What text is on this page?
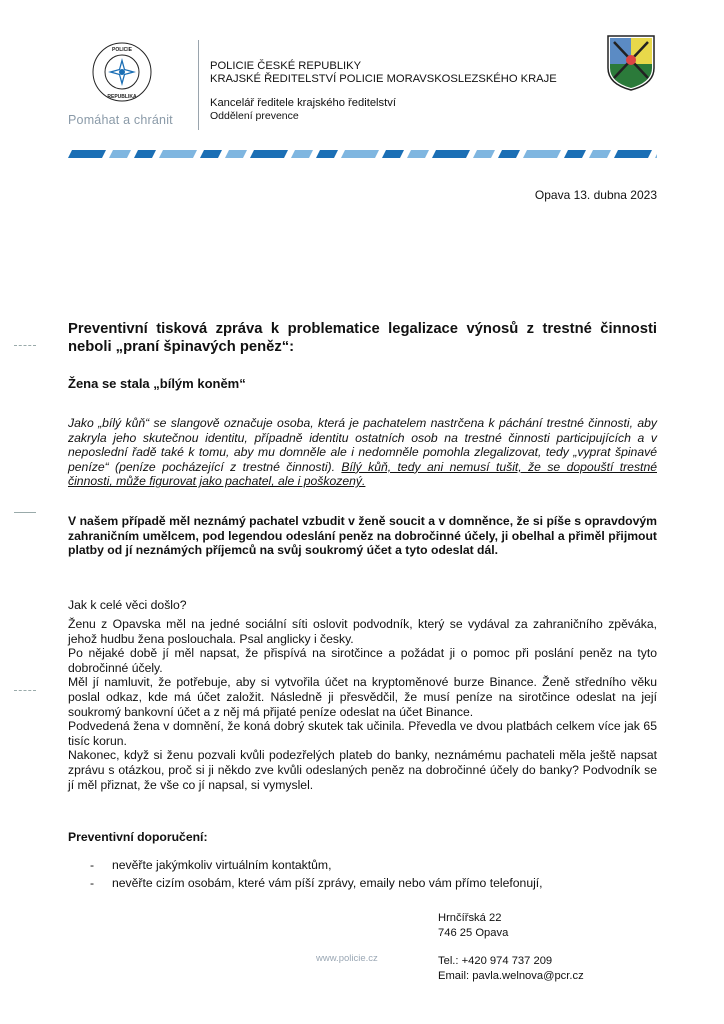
POLICIE
REPUBLIKA
Pomáhat a chránit
POLICIE ČESKÉ REPUBLIKY
KRAJSKÉ ŘEDITELSTVÍ POLICIE MORAVSKOSLEZSKÉHO KRAJE
Kancelář ředitele krajského ředitelství
Oddělení prevence
Opava 13. dubna 2023
Preventivní tisková zpráva k problematice legalizace výnosů z trestné činnosti neboli „praní špinavých peněz“:
Žena se stala „bílým koněm“
Jako „bílý kůň“ se slangově označuje osoba, která je pachatelem nastrčena k páchání trestné činnosti, aby zakryla jeho skutečnou identitu, případně identitu ostatních osob na trestné činnosti participujících a v neposlední řadě také k tomu, aby mu domněle ale i nedomněle pomohla zlegalizovat, tedy „vyprat špinavé peníze“ (peníze pocházející z trestné činnosti). Bílý kůň, tedy ani nemusí tušit, že se dopouští trestné činnosti, může figurovat jako pachatel, ale i poškozený.
V našem případě měl neznámý pachatel vzbudit v ženě soucit a v domněnce, že si píše s opravdovým zahraničním umělcem, pod legendou odeslání peněz na dobročinné účely, ji obelhal a přiměl přijmout platby od jí neznámých příjemců na svůj soukromý účet a tyto odeslat dál.
Jak k celé věci došlo?

Ženu z Opavska měl na jedné sociální síti oslovit podvodník, který se vydával za zahraničního zpěváka, jehož hudbu žena poslouchala. Psal anglicky i česky.

Po nějaké době jí měl napsat, že přispívá na sirotčince a požádat ji o pomoc při poslání peněz na tyto dobročinné účely.

Měl jí namluvit, že potřebuje, aby si vytvořila účet na kryptoměnové burze Binance. Ženě středního věku poslal odkaz, kde má účet založit. Následně ji přesvědčil, že musí peníze na sirotčince odeslat na její soukromý bankovní účet a z něj má přijaté peníze odeslat na účet Binance.

Podvedená žena v domnění, že koná dobrý skutek tak učinila. Převedla ve dvou platbách celkem více jak 65 tisíc korun.

Nakonec, když si ženu pozvali kvůli podezřelých plateb do banky, neznámému pachateli měla ještě napsat zprávu s otázkou, proč si ji někdo zve kvůli odeslaných peněz na dobročinné účely do banky? Podvodník se jí měl přiznat, že vše co jí napsal, si vymyslel.

Preventivní doporučení:
- nevěřte jakýmkoliv virtuálním kontaktům,
- nevěřte cizím osobám, které vám píší zprávy, emaily nebo vám přímo telefonují,
www.policie.cz
Hrnčířská 22
746 25 Opava
Tel.: +420 974 737 209
Email: pavla.welnova@pcr.cz
